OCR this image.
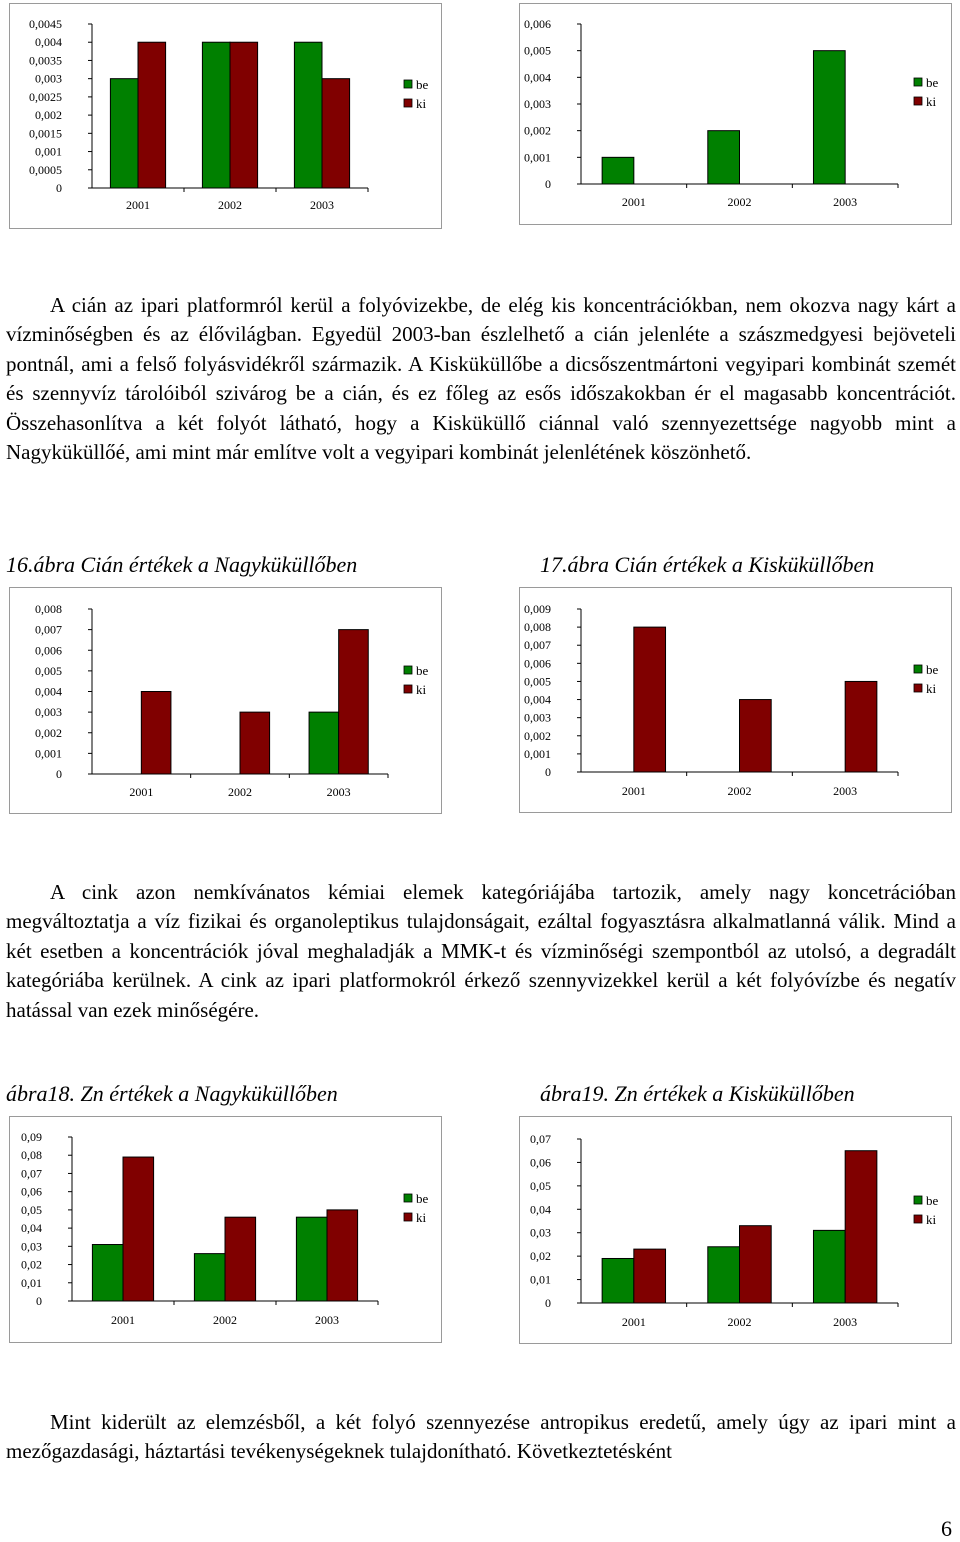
0
0,0005
0,001
0,0015
0,002
0,0025
0,003
0,0035
0,004
0,0045
2001	2002	2003
be
ki
0
0,001
0,002
0,003
0,004
0,005
0,006
2001	2002	2003
be
ki

A cián az ipari platformról kerül a folyóvizekbe, de elég kis koncentrációkban, nem okozva nagy kárt a vízminőségben és az élővilágban. Egyedül 2003-ban észlelhető a cián jelenléte a szászmedgyesi bejöveteli pontnál, ami a felső folyásvidékről származik. A Kisküküllőbe a dicsőszentmártoni vegyipari kombinát szemét és szennyvíz tárolóiból szivárog be a cián, és ez főleg az esős időszakokban ér el magasabb koncentrációt. Összehasonlítva a két folyót látható, hogy a Kisküküllő ciánnal való szennyezettsége nagyobb mint a Nagyküküllőé, ami mint már említve volt a vegyipari kombinát jelenlétének köszönhető.

16.ábra Cián értékek a Nagyküküllőben	17.ábra Cián értékek a Kisküküllőben
0
0,001
0,002
0,003
0,004
0,005
0,006
0,007
0,008
2001	2002	2003
be
ki
0
0,001
0,002
0,003
0,004
0,005
0,006
0,007
0,008
0,009
2001	2002	2003
be
ki

A cink azon nemkívánatos kémiai elemek kategóriájába tartozik, amely nagy koncetrációban megváltoztatja a víz fizikai és organoleptikus tulajdonságait, ezáltal fogyasztásra alkalmatlanná válik. Mind a két esetben a koncentrációk jóval meghaladják a MMK-t és vízminőségi szempontból az utolsó, a degradált kategóriába kerülnek. A cink az ipari platformokról érkező szennyvizekkel kerül a két folyóvízbe és negatív hatással van ezek minőségére.

ábra18. Zn értékek a Nagyküküllőben	ábra19. Zn értékek a Kisküküllőben
0
0,01
0,02
0,03
0,04
0,05
0,06
0,07
0,08
0,09
2001	2002	2003
be
ki
0
0,01
0,02
0,03
0,04
0,05
0,06
0,07
2001	2002	2003
be
ki

Mint kiderült az elemzésből, a két folyó szennyezése antropikus eredetű, amely úgy az ipari mint a mezőgazdasági, háztartási tevékenységeknek tulajdonítható. Következtetésként

6
